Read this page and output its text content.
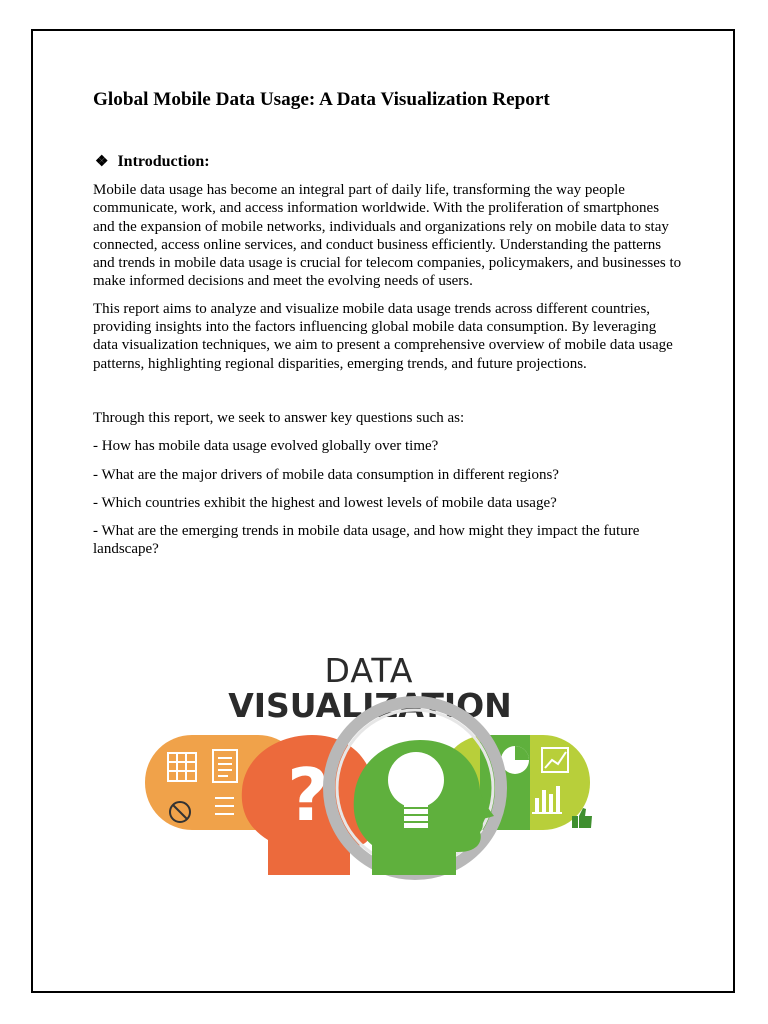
Global Mobile Data Usage: A Data Visualization Report
❖ Introduction:

Mobile data usage has become an integral part of daily life, transforming the way people communicate, work, and access information worldwide. With the proliferation of smartphones and the expansion of mobile networks, individuals and organizations rely on mobile data to stay connected, access online services, and conduct business efficiently. Understanding the patterns and trends in mobile data usage is crucial for telecom companies, policymakers, and businesses to make informed decisions and meet the evolving needs of users.

This report aims to analyze and visualize mobile data usage trends across different countries, providing insights into the factors influencing global mobile data consumption. By leveraging data visualization techniques, we aim to present a comprehensive overview of mobile data usage patterns, highlighting regional disparities, emerging trends, and future projections.

Through this report, we seek to answer key questions such as:

- How has mobile data usage evolved globally over time?

- What are the major drivers of mobile data consumption in different regions?

- Which countries exhibit the highest and lowest levels of mobile data usage?

- What are the emerging trends in mobile data usage, and how might they impact the future landscape?

DATA
VISUALIZATION
?
